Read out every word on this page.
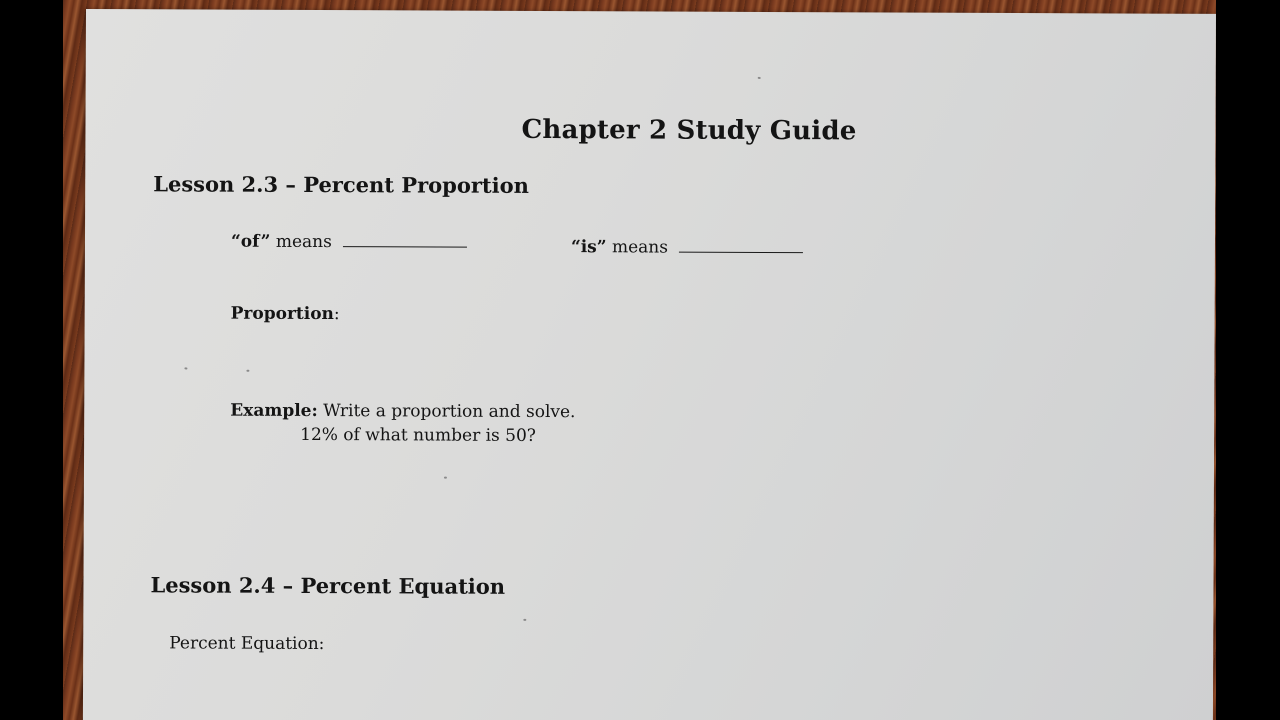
Chapter 2 Study Guide
Lesson 2.3 – Percent Proportion
“of” means	“is” means
Proportion:
Example: Write a proportion and solve.
12% of what number is 50?
Lesson 2.4 – Percent Equation
Percent Equation:
